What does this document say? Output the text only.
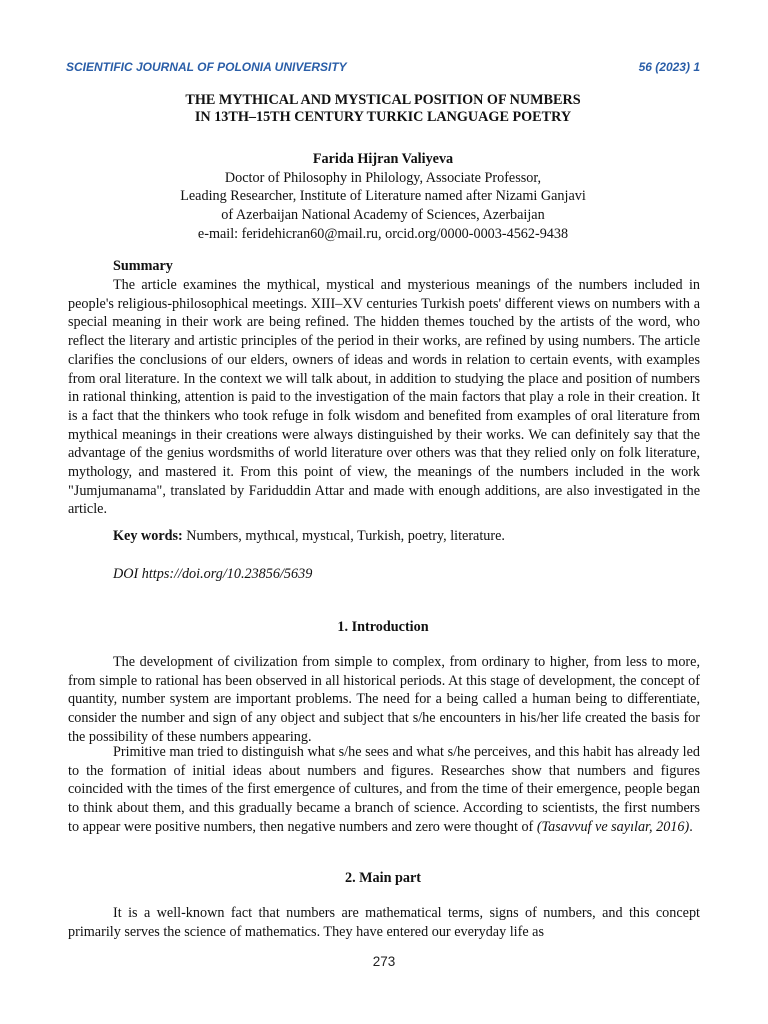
SCIENTIFIC JOURNAL OF POLONIA UNIVERSITY	56 (2023) 1
THE MYTHICAL AND MYSTICAL POSITION OF NUMBERS
IN 13TH–15TH CENTURY TURKIC LANGUAGE POETRY
Farida Hijran Valiyeva
Doctor of Philosophy in Philology, Associate Professor,
Leading Researcher, Institute of Literature named after Nizami Ganjavi
of Azerbaijan National Academy of Sciences, Azerbaijan
e-mail: feridehicran60@mail.ru, orcid.org/0000-0003-4562-9438
Summary

The article examines the mythical, mystical and mysterious meanings of the numbers included in people's religious-philosophical meetings. XIII–XV centuries Turkish poets' different views on numbers with a special meaning in their work are being refined. The hidden themes touched by the artists of the word, who reflect the literary and artistic principles of the period in their works, are refined by using numbers. The article clarifies the conclusions of our elders, owners of ideas and words in relation to certain events, with examples from oral literature. In the context we will talk about, in addition to studying the place and position of numbers in rational thinking, attention is paid to the investigation of the main factors that play a role in their creation. It is a fact that the thinkers who took refuge in folk wisdom and benefited from examples of oral literature from mythical meanings in their creations were always distinguished by their works. We can definitely say that the advantage of the genius wordsmiths of world literature over others was that they relied only on folk literature, mythology, and mastered it. From this point of view, the meanings of the numbers included in the work "Jumjumanama", translated by Fariduddin Attar and made with enough additions, are also investigated in the article.

Key words: Numbers, mythıcal, mystıcal, Turkish, poetry, literature.

DOI https://doi.org/10.23856/5639

1. Introduction

The development of civilization from simple to complex, from ordinary to higher, from less to more, from simple to rational has been observed in all historical periods. At this stage of development, the concept of quantity, number system are important problems. The need for a being called a human being to differentiate, consider the number and sign of any object and subject that s/he encounters in his/her life created the basis for the possibility of these numbers appearing.

Primitive man tried to distinguish what s/he sees and what s/he perceives, and this habit has already led to the formation of initial ideas about numbers and figures. Researches show that numbers and figures coincided with the times of the first emergence of cultures, and from the time of their emergence, people began to think about them, and this gradually became a branch of science. According to scientists, the first numbers to appear were positive numbers, then negative numbers and zero were thought of (Tasavvuf ve sayılar, 2016).

2. Main part

It is a well-known fact that numbers are mathematical terms, signs of numbers, and this concept primarily serves the science of mathematics. They have entered our everyday life as

273
